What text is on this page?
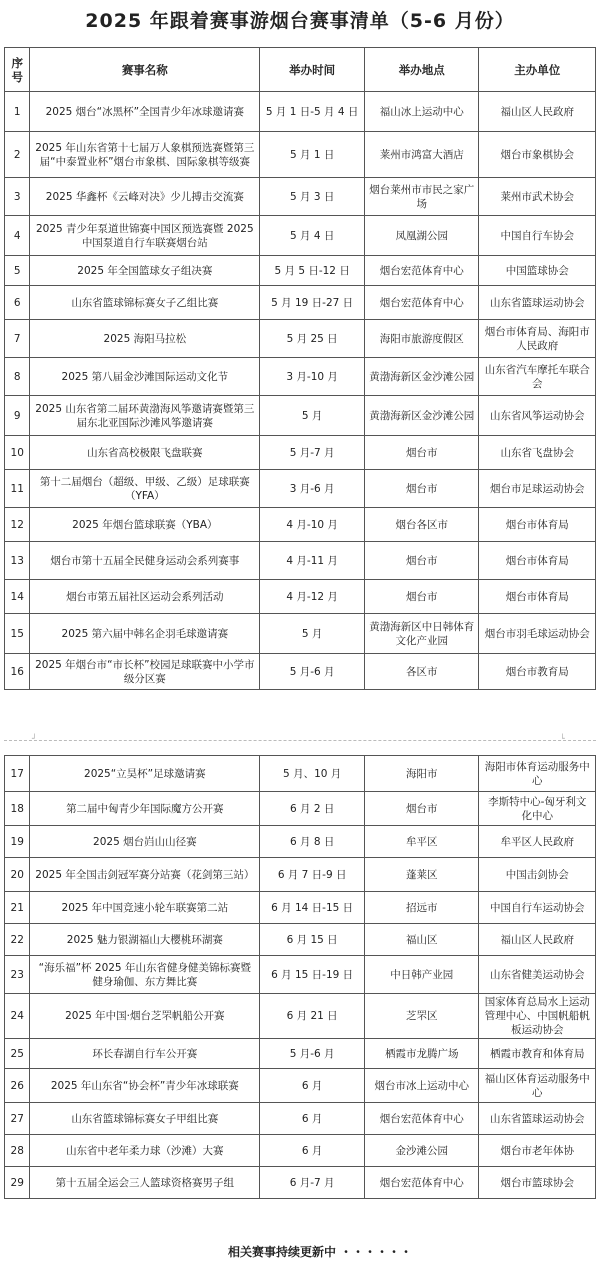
2025 年跟着赛事游烟台赛事清单（5-6 月份）
序号	赛事名称	举办时间	举办地点	主办单位
1	2025 烟台“冰黑杯”全国青少年冰球邀请赛	5 月 1 日-5 月 4 日	福山冰上运动中心	福山区人民政府
2	2025 年山东省第十七届万人象棋预选赛暨第三届“中泰置业杯”烟台市象棋、国际象棋等级赛	5 月 1 日	莱州市鸿富大酒店	烟台市象棋协会
3	2025 华鑫杯《云峰对决》少儿搏击交流赛	5 月 3 日	烟台莱州市市民之家广场	莱州市武术协会
4	2025 青少年泵道世锦赛中国区预选赛暨 2025 中国泵道自行车联赛烟台站	5 月 4 日	凤凰湖公园	中国自行车协会
5	2025 年全国篮球女子组决赛	5 月 5 日-12 日	烟台宏范体育中心	中国篮球协会
6	山东省篮球锦标赛女子乙组比赛	5 月 19 日-27 日	烟台宏范体育中心	山东省篮球运动协会
7	2025 海阳马拉松	5 月 25 日	海阳市旅游度假区	烟台市体育局、海阳市人民政府
8	2025 第八届金沙滩国际运动文化节	3 月-10 月	黄渤海新区金沙滩公园	山东省汽车摩托车联合会
9	2025 山东省第二届环黄渤海风筝邀请赛暨第三届东北亚国际沙滩风筝邀请赛	5 月	黄渤海新区金沙滩公园	山东省风筝运动协会
10	山东省高校极限飞盘联赛	5 月-7 月	烟台市	山东省飞盘协会
11	第十二届烟台（超级、甲级、乙级）足球联赛（YFA）	3 月-6 月	烟台市	烟台市足球运动协会
12	2025 年烟台篮球联赛（YBA）	4 月-10 月	烟台各区市	烟台市体育局
13	烟台市第十五届全民健身运动会系列赛事	4 月-11 月	烟台市	烟台市体育局
14	烟台市第五届社区运动会系列活动	4 月-12 月	烟台市	烟台市体育局
15	2025 第六届中韩名企羽毛球邀请赛	5 月	黄渤海新区中日韩体育文化产业园	烟台市羽毛球运动协会
16	2025 年烟台市“市长杯”校园足球联赛中小学市级分区赛	5 月-6 月	各区市	烟台市教育局
┘	└
17	2025“立昊杯”足球邀请赛	5 月、10 月	海阳市	海阳市体育运动服务中心
18	第二届中匈青少年国际魔方公开赛	6 月 2 日	烟台市	李斯特中心-匈牙利文化中心
19	2025 烟台岿山山径赛	6 月 8 日	牟平区	牟平区人民政府
20	2025 年全国击剑冠军赛分站赛（花剑第三站）	6 月 7 日-9 日	蓬莱区	中国击剑协会
21	2025 年中国竞速小轮车联赛第二站	6 月 14 日-15 日	招远市	中国自行车运动协会
22	2025 魅力银湖福山大樱桃环湖赛	6 月 15 日	福山区	福山区人民政府
23	“海乐福”杯 2025 年山东省健身健美锦标赛暨健身瑜伽、东方舞比赛	6 月 15 日-19 日	中日韩产业园	山东省健美运动协会
24	2025 年中国·烟台芝罘帆船公开赛	6 月 21 日	芝罘区	国家体育总局水上运动管理中心、中国帆船帆板运动协会
25	环长春湖自行车公开赛	5 月-6 月	栖霞市龙腾广场	栖霞市教育和体育局
26	2025 年山东省“协会杯”青少年冰球联赛	6 月	烟台市冰上运动中心	福山区体育运动服务中心
27	山东省篮球锦标赛女子甲组比赛	6 月	烟台宏范体育中心	山东省篮球运动协会
28	山东省中老年柔力球（沙滩）大赛	6 月	金沙滩公园	烟台市老年体协
29	第十五届全运会三人篮球资格赛男子组	6 月-7 月	烟台宏范体育中心	烟台市篮球协会
相关赛事持续更新中 ・・・・・・
